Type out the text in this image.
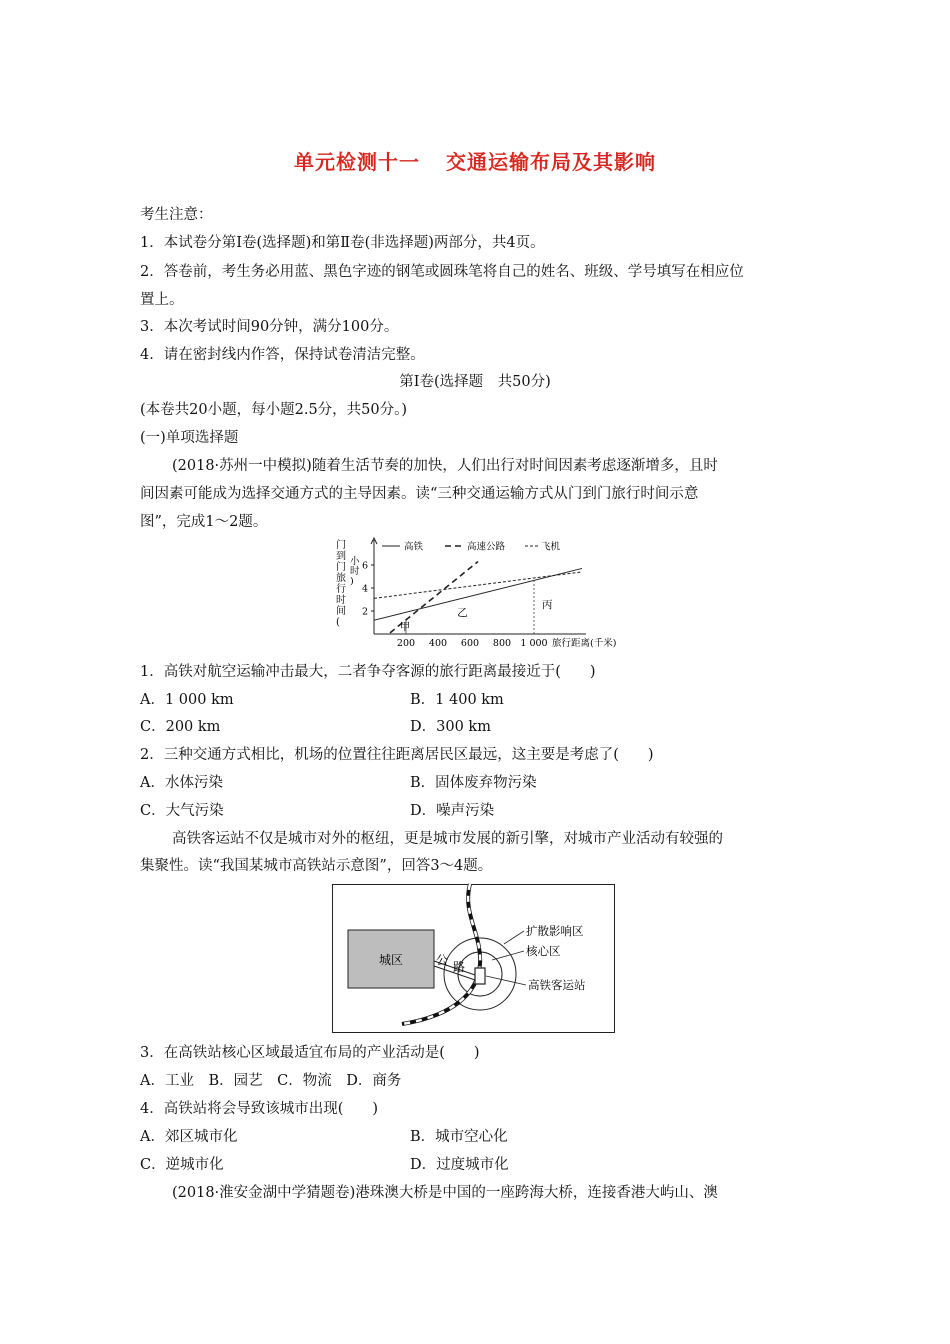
单元检测十一 交通运输布局及其影响
考生注意：
1．本试卷分第Ⅰ卷(选择题)和第Ⅱ卷(非选择题)两部分，共4页。
2．答卷前，考生务必用蓝、黑色字迹的钢笔或圆珠笔将自己的姓名、班级、学号填写在相应位
置上。
3．本次考试时间90分钟，满分100分。
4．请在密封线内作答，保持试卷清洁完整。
第Ⅰ卷(选择题　共50分)
(本卷共20小题，每小题2.5分，共50分。)
(一)单项选择题
(2018·苏州一中模拟)随着生活节奏的加快，人们出行对时间因素考虑逐渐增多，且时
间因素可能成为选择交通方式的主导因素。读“三种交通运输方式从门到门旅行时间示意
图”，完成1～2题。
门
到
门
旅
行
时
间
(
小
时
)
2
4
6
200 400 600 800 1 000 旅行距离(千米)
高铁	高速公路	飞机
甲
乙
丙
1．高铁对航空运输冲击最大，二者争夺客源的旅行距离最接近于(　　)
A．1 000 km	B．1 400 km
C．200 km	D．300 km
2．三种交通方式相比，机场的位置往往距离居民区最远，这主要是考虑了(　　)
A．水体污染	B．固体废弃物污染
C．大气污染	D．噪声污染
高铁客运站不仅是城市对外的枢纽，更是城市发展的新引擎，对城市产业活动有较强的
集聚性。读“我国某城市高铁站示意图”，回答3～4题。
城区	公 路
扩散影响区
核心区
高铁客运站
3．在高铁站核心区域最适宜布局的产业活动是(　　)
A．工业　B．园艺　C．物流　D．商务
4．高铁站将会导致该城市出现(　　)
A．郊区城市化	B．城市空心化
C．逆城市化	D．过度城市化
(2018·淮安金湖中学猜题卷)港珠澳大桥是中国的一座跨海大桥，连接香港大屿山、澳
